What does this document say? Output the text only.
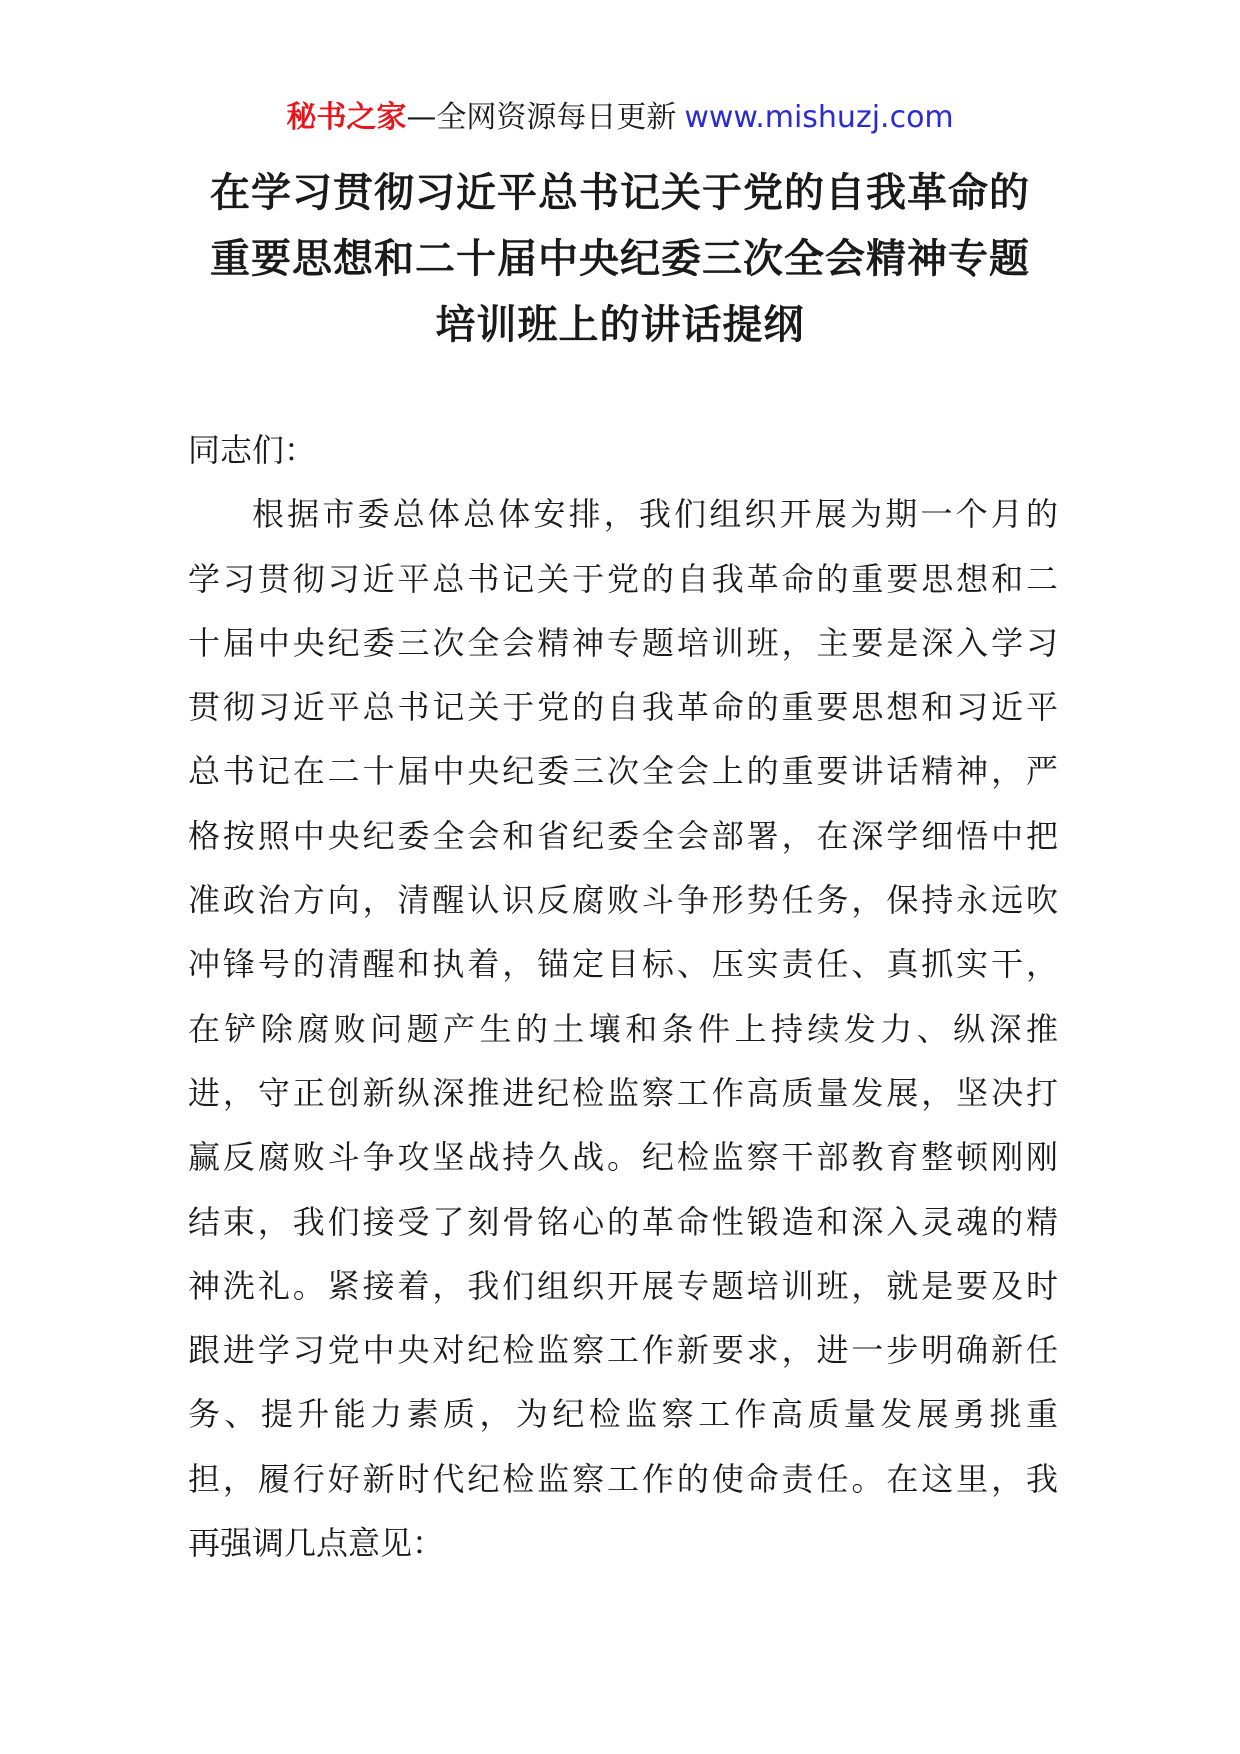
秘书之家—全网资源每日更新 www.mishuzj.com
在学习贯彻习近平总书记关于党的自我革命的
重要思想和二十届中央纪委三次全会精神专题
培训班上的讲话提纲
同志们：
根据市委总体总体安排，我们组织开展为期一个月的
学习贯彻习近平总书记关于党的自我革命的重要思想和二
十届中央纪委三次全会精神专题培训班，主要是深入学习
贯彻习近平总书记关于党的自我革命的重要思想和习近平
总书记在二十届中央纪委三次全会上的重要讲话精神，严
格按照中央纪委全会和省纪委全会部署，在深学细悟中把
准政治方向，清醒认识反腐败斗争形势任务，保持永远吹
冲锋号的清醒和执着，锚定目标、压实责任、真抓实干，
在铲除腐败问题产生的土壤和条件上持续发力、纵深推
进，守正创新纵深推进纪检监察工作高质量发展，坚决打
赢反腐败斗争攻坚战持久战。纪检监察干部教育整顿刚刚
结束，我们接受了刻骨铭心的革命性锻造和深入灵魂的精
神洗礼。紧接着，我们组织开展专题培训班，就是要及时
跟进学习党中央对纪检监察工作新要求，进一步明确新任
务、提升能力素质，为纪检监察工作高质量发展勇挑重
担，履行好新时代纪检监察工作的使命责任。在这里，我
再强调几点意见：
